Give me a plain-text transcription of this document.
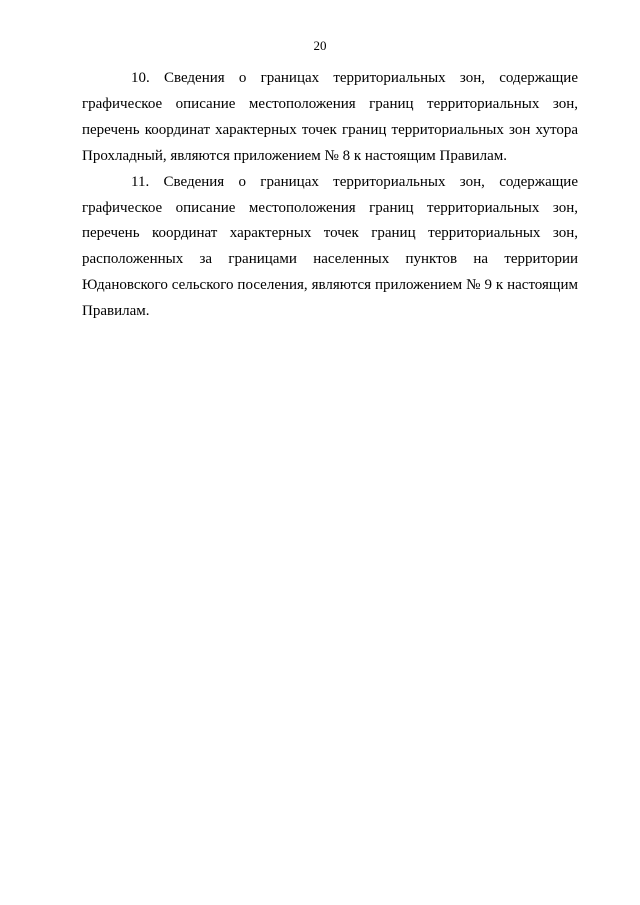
20

10. Сведения о границах территориальных зон, содержащие графическое описание местоположения границ территориальных зон, перечень координат характерных точек границ территориальных зон хутора Прохладный, являются приложением № 8 к настоящим Правилам.

11. Сведения о границах территориальных зон, содержащие графическое описание местоположения границ территориальных зон, перечень координат характерных точек границ территориальных зон, расположенных за границами населенных пунктов на территории Юдановского сельского поселения, являются приложением № 9 к настоящим Правилам.
